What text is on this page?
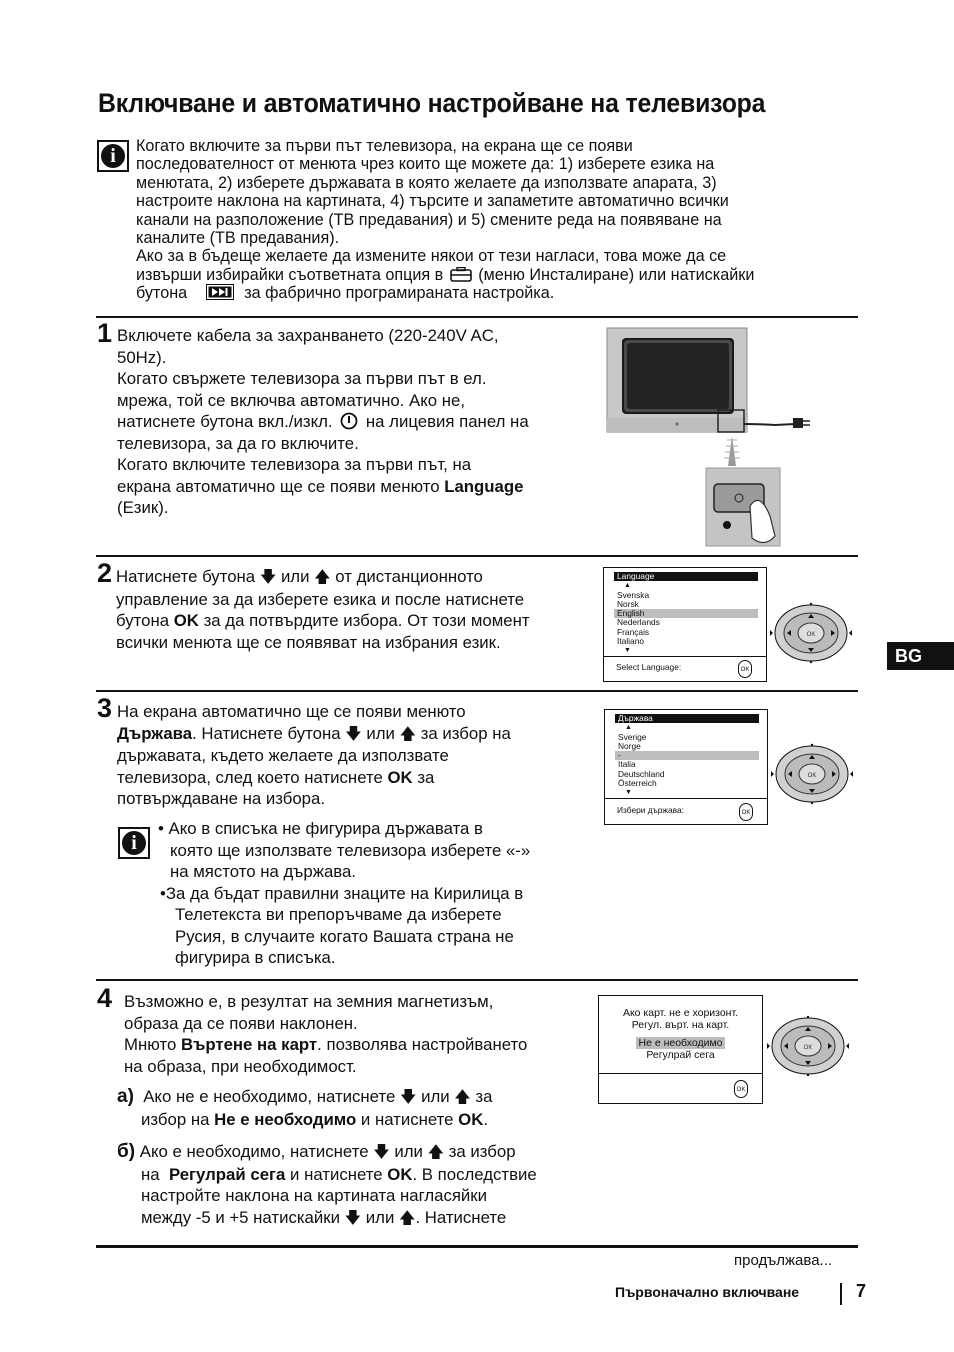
Включване и автоматично настройване на телевизора
i	Когато включите за първи път телевизора, на екрана ще се появи
последователност от менюта чрез които ще можете да: 1) изберете езика на
менютата, 2) изберете държавата в която желаете да използвате апарата, 3)
настроите наклона на картината, 4) търсите и запаметите автоматично всички
канали на разположение (ТВ предавания) и 5) смените реда на появяване на
каналите (ТВ предавания).

Ако за в бъдеще желаете да измените някои от тези нагласи, това може да се
извърши избирайки съответната опция в (меню Инсталиране) или натискайки
бутона	за фабрично програмираната настройка.
1 Включете кабела за захранването (220-240V AC,
50Hz).
Когато свържете телевизора за първи път в ел.
мрежа, той се включва автоматично. Ако не,
натиснете бутона вкл./изкл. на лицевия панел на
телевизора, за да го включите.
Когато включите телевизора за първи път, на
екрана автоматично ще се появи менюто Language
(Език).
2 Натиснете бутона 🡇 или 🡅 от дистанционното
управление за да изберете езика и после натиснете
бутона OK за да потвърдите избора. От този момент
всички менюта ще се появяват на избрания език.
Language
▲
Svenska
Norsk
English
Nederlands
Français
Italiano
▼
Select Language:	OK
OK
BG
3 На екрана автоматично ще се появи менюто
Държава. Натиснете бутона 🡇 или 🡅 за избор на
държавата, където желаете да използвате
телевизора, след което натиснете OK за
потвърждаване на избора.
Държава
▲
Sverige
Norge
-
Italia
Deutschland
Österreich
▼
Избери държава:	OK
OK
i
• Ако в списъка не фигурира държавата в
която ще използвате телевизора изберете «-»
на мястото на държава.
•За да бъдат правилни знаците на Кирилица в
Телетекста ви препоръчваме да изберете
Русия, в случаите когато Вашата страна не
фигурира в списъка.
4 Възможно е, в резултат на земния магнетизъм,
образа да се появи наклонен.
Мнюто Въртене на карт. позволява настройването
на образа, при необходимост.
a) Ако не е необходимо, натиснете 🡇 или 🡅 за
избор на Не е необходимо и натиснете OK.
б) Ако е необходимо, натиснете 🡇 или 🡅 за избор
на Регулрай сега и натиснете OK. В последствие
настройте наклона на картината нагласяйки
между -5 и +5 натискайки 🡇 или 🡅. Натиснете
Ако карт. не е хоризонт.
Регул. върт. на карт.
Не е необходимо
Регулрай сега
OK
OK
продължава...
Първоначално включване	7
